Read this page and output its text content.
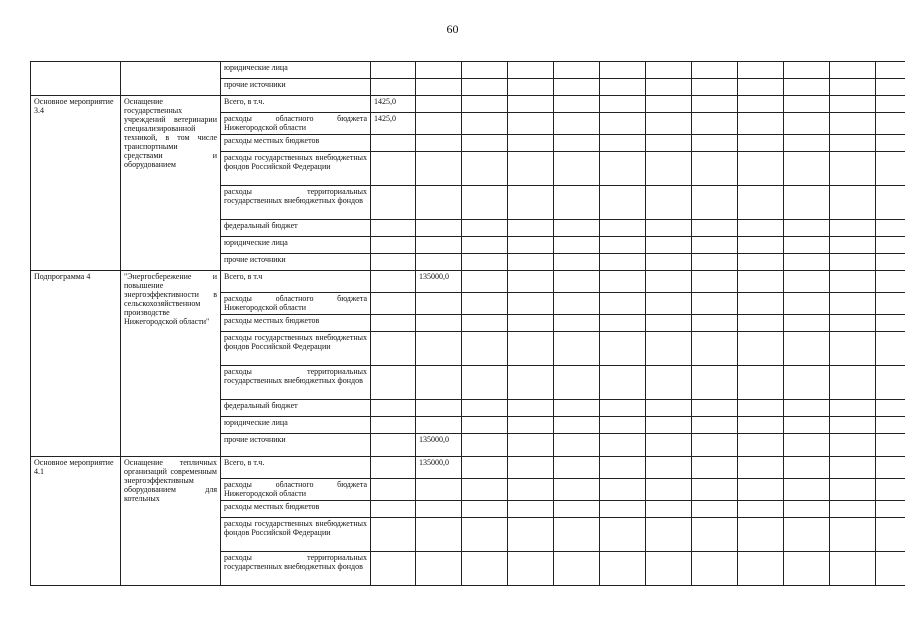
60
		юридические лица												
		прочие источники												
Основное мероприятие 3.4	Оснащение государственных учреждений ветеринарии специализированной техникой, в том числе транспортными средствами и оборудованием	Всего, в т.ч.	1425,0											
		расходы областного бюджета Нижегородской области	1425,0											
		расходы местных бюджетов												
		расходы государственных внебюджетных фондов Российской Федерации												
		расходы территориальных государственных внебюджетных фондов												
		федеральный бюджет												
		юридические лица												
		прочие источники												
Подпрограмма 4	"Энергосбережение и повышение энергоэффективности в сельскохозяйственном производстве Нижегородской области"	Всего, в т.ч		135000,0										
		расходы областного бюджета Нижегородской области												
		расходы местных бюджетов												
		расходы государственных внебюджетных фондов Российской Федерации												
		расходы территориальных государственных внебюджетных фондов												
		федеральный бюджет												
		юридические лица												
		прочие источники		135000,0										
Основное мероприятие 4.1	Оснащение тепличных организаций современным энергоэффективным оборудованием для котельных	Всего, в т.ч.		135000,0										
		расходы областного бюджета Нижегородской области												
		расходы местных бюджетов												
		расходы государственных внебюджетных фондов Российской Федерации												
		расходы территориальных государственных внебюджетных фондов												
